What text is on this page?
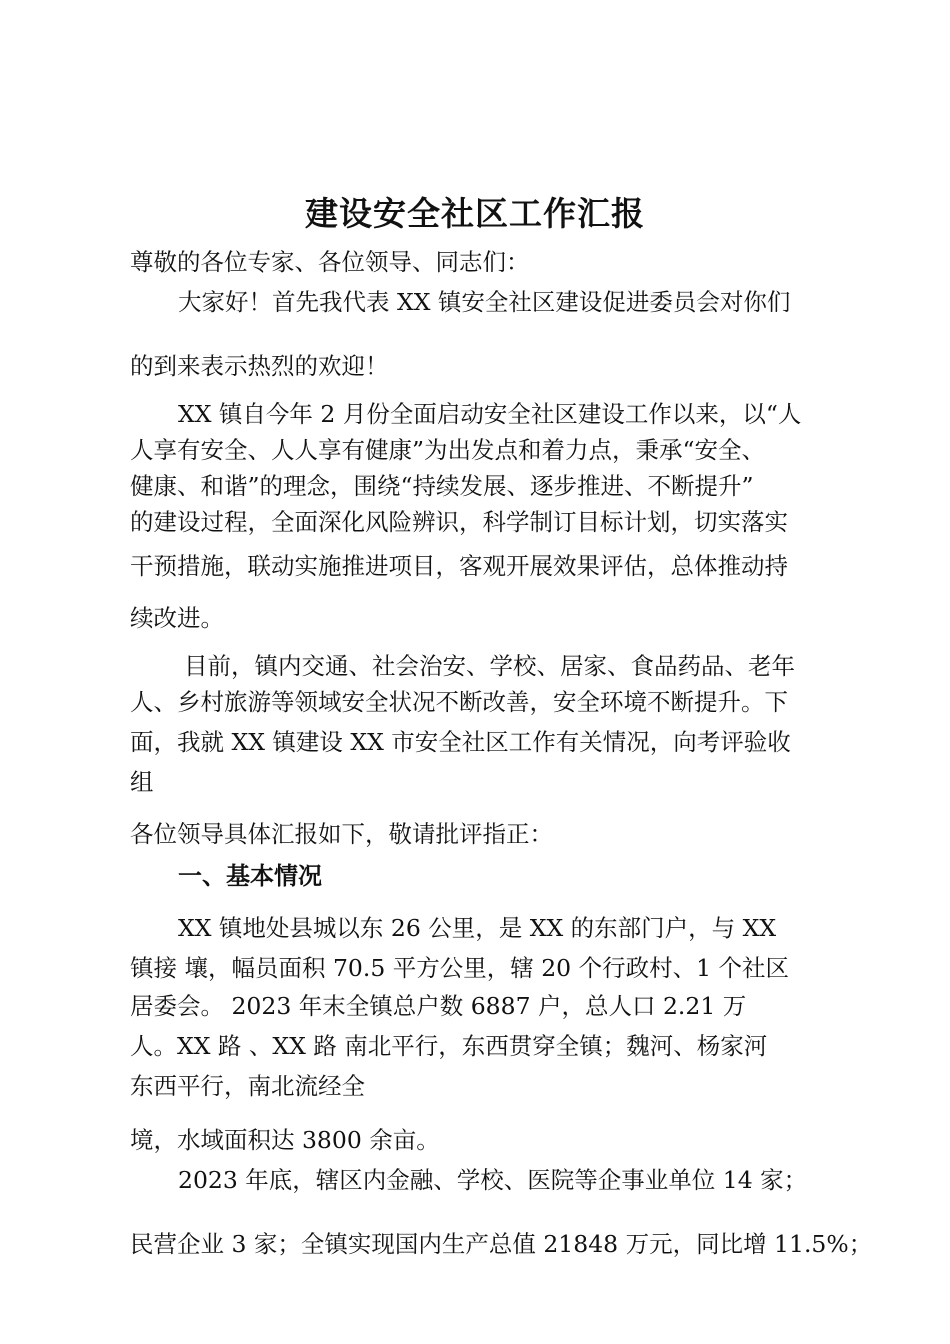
建设安全社区工作汇报
尊敬的各位专家、各位领导、同志们：
大家好！首先我代表 XX 镇安全社区建设促进委员会对你们
的到来表示热烈的欢迎！
XX 镇自今年 2 月份全面启动安全社区建设工作以来，以“人
人享有安全、人人享有健康”为出发点和着力点，秉承“安全、
健康、和谐”的理念，围绕“持续发展、逐步推进、不断提升”
的建设过程，全面深化风险辨识，科学制订目标计划，切实落实
干预措施，联动实施推进项目，客观开展效果评估，总体推动持
续改进。
目前，镇内交通、社会治安、学校、居家、食品药品、老年
人、乡村旅游等领域安全状况不断改善，安全环境不断提升。下
面，我就 XX 镇建设 XX 市安全社区工作有关情况，向考评验收
组
各位领导具体汇报如下，敬请批评指正：
一、基本情况
XX 镇地处县城以东 26 公里，是 XX 的东部门户，与 XX
镇接 壤，幅员面积 70.5 平方公里，辖 20 个行政村、1 个社区
居委会。 2023 年末全镇总户数 6887 户，总人口 2.21 万
人。XX 路 、XX 路 南北平行，东西贯穿全镇；魏河、杨家河
东西平行，南北流经全
境，水域面积达 3800 余亩。
2023 年底，辖区内金融、学校、医院等企事业单位 14 家；
民营企业 3 家；全镇实现国内生产总值 21848 万元，同比增 11.5%；
